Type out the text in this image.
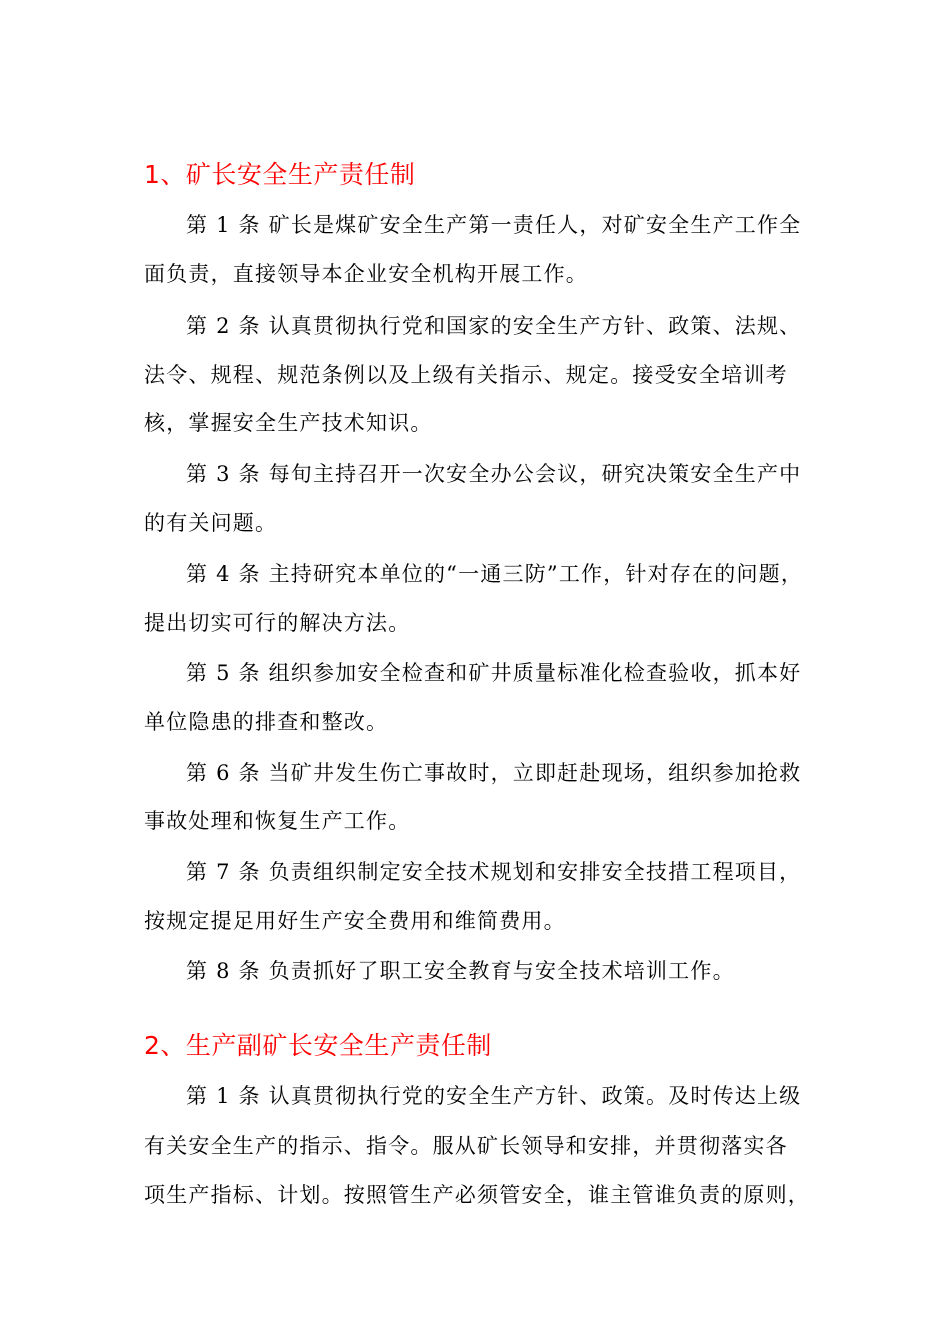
1、矿长安全生产责任制

第 1 条 矿长是煤矿安全生产第一责任人，对矿安全生产工作全

面负责，直接领导本企业安全机构开展工作。

第 2 条 认真贯彻执行党和国家的安全生产方针、政策、法规、

法令、规程、规范条例以及上级有关指示、规定。接受安全培训考

核，掌握安全生产技术知识。

第 3 条 每旬主持召开一次安全办公会议，研究决策安全生产中

的有关问题。

第 4 条 主持研究本单位的“一通三防”工作，针对存在的问题，

提出切实可行的解决方法。

第 5 条 组织参加安全检查和矿井质量标准化检查验收，抓本好

单位隐患的排查和整改。

第 6 条 当矿井发生伤亡事故时，立即赶赴现场，组织参加抢救

事故处理和恢复生产工作。

第 7 条 负责组织制定安全技术规划和安排安全技措工程项目，

按规定提足用好生产安全费用和维简费用。

第 8 条 负责抓好了职工安全教育与安全技术培训工作。

2、生产副矿长安全生产责任制

第 1 条 认真贯彻执行党的安全生产方针、政策。及时传达上级

有关安全生产的指示、指令。服从矿长领导和安排，并贯彻落实各

项生产指标、计划。按照管生产必须管安全，谁主管谁负责的原则，
